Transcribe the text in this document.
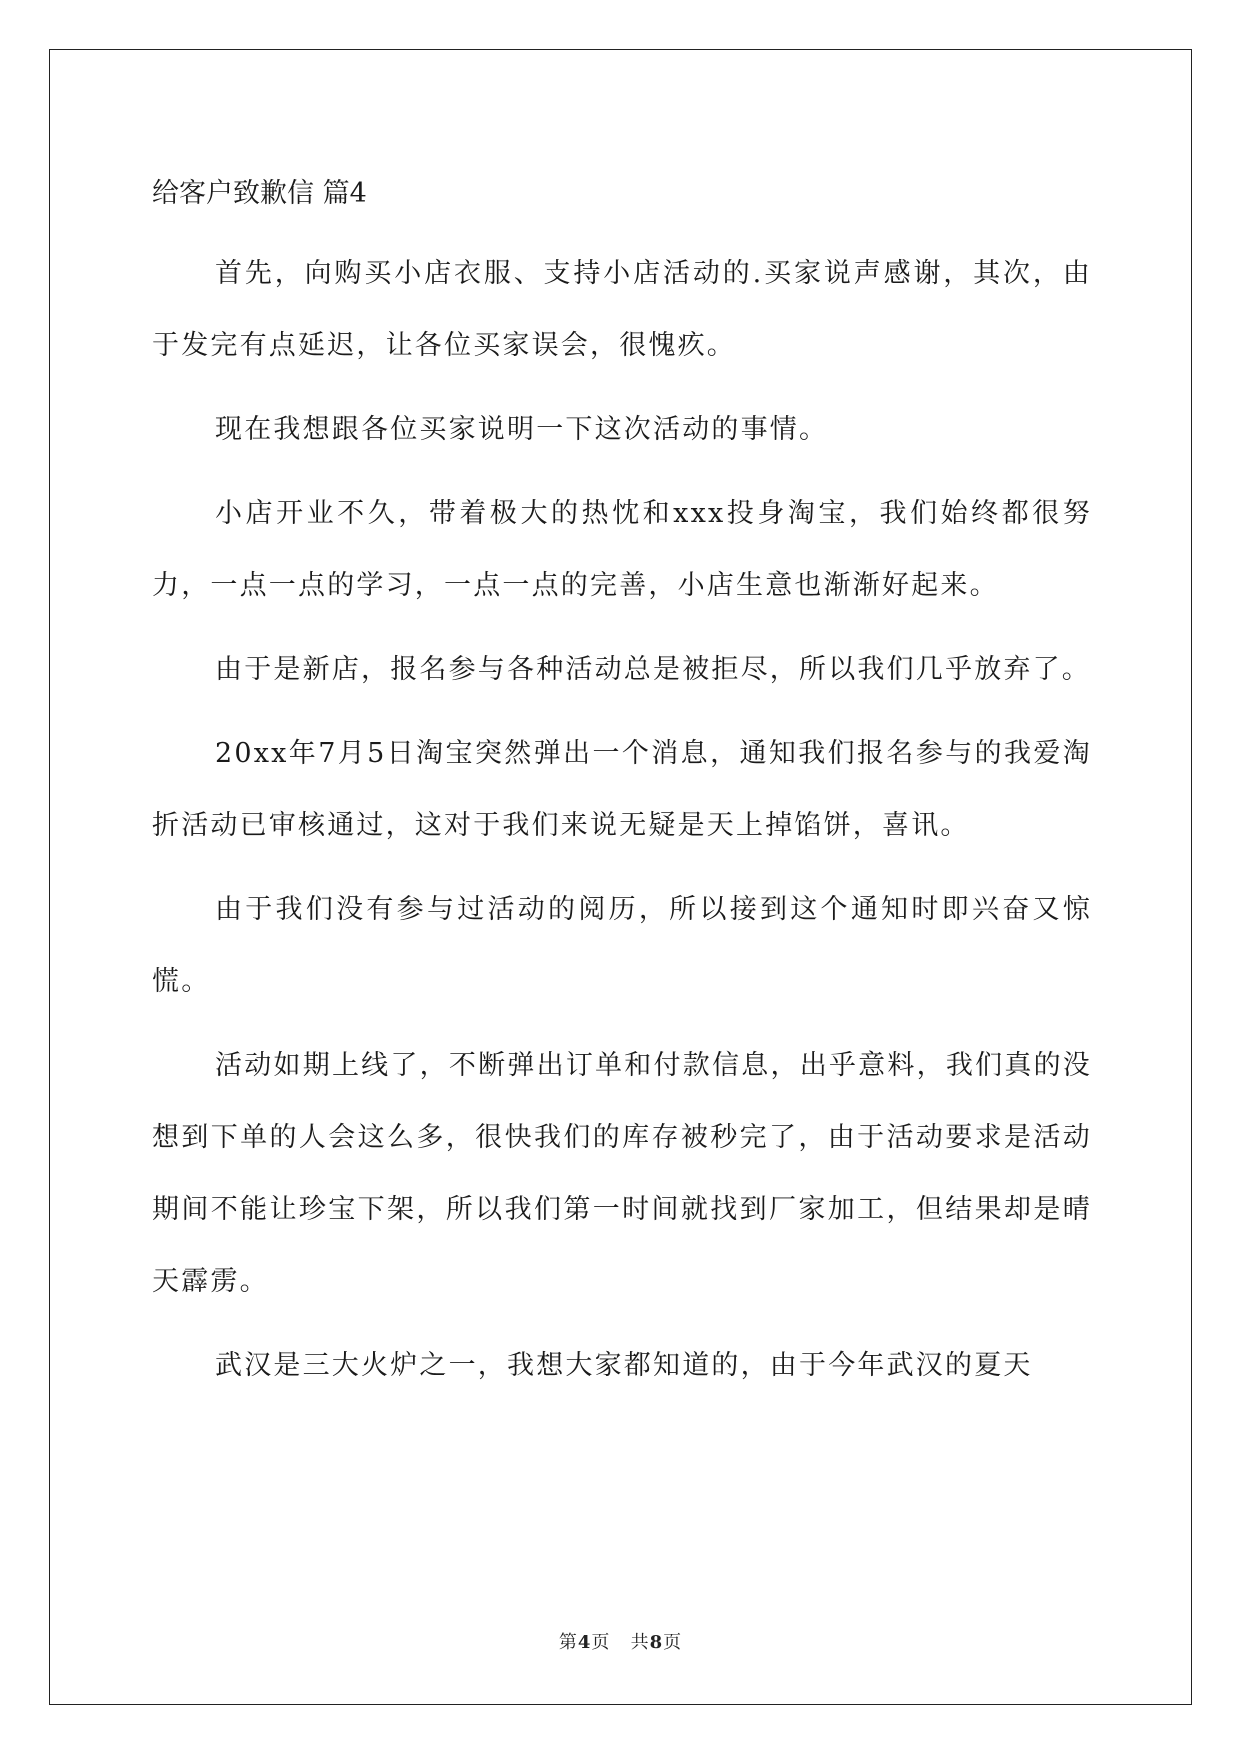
给客户致歉信 篇4

首先，向购买小店衣服、支持小店活动的.买家说声感谢，其次，由于发完有点延迟，让各位买家误会，很愧疚。

现在我想跟各位买家说明一下这次活动的事情。

小店开业不久，带着极大的热忱和xxx投身淘宝，我们始终都很努力，一点一点的学习，一点一点的完善，小店生意也渐渐好起来。

由于是新店，报名参与各种活动总是被拒尽，所以我们几乎放弃了。

20xx年7月5日淘宝突然弹出一个消息，通知我们报名参与的我爱淘折活动已审核通过，这对于我们来说无疑是天上掉馅饼，喜讯。

由于我们没有参与过活动的阅历，所以接到这个通知时即兴奋又惊慌。

活动如期上线了，不断弹出订单和付款信息，出乎意料，我们真的没想到下单的人会这么多，很快我们的库存被秒完了，由于活动要求是活动期间不能让珍宝下架，所以我们第一时间就找到厂家加工，但结果却是晴天霹雳。

武汉是三大火炉之一，我想大家都知道的，由于今年武汉的夏天

第4页 共8页
